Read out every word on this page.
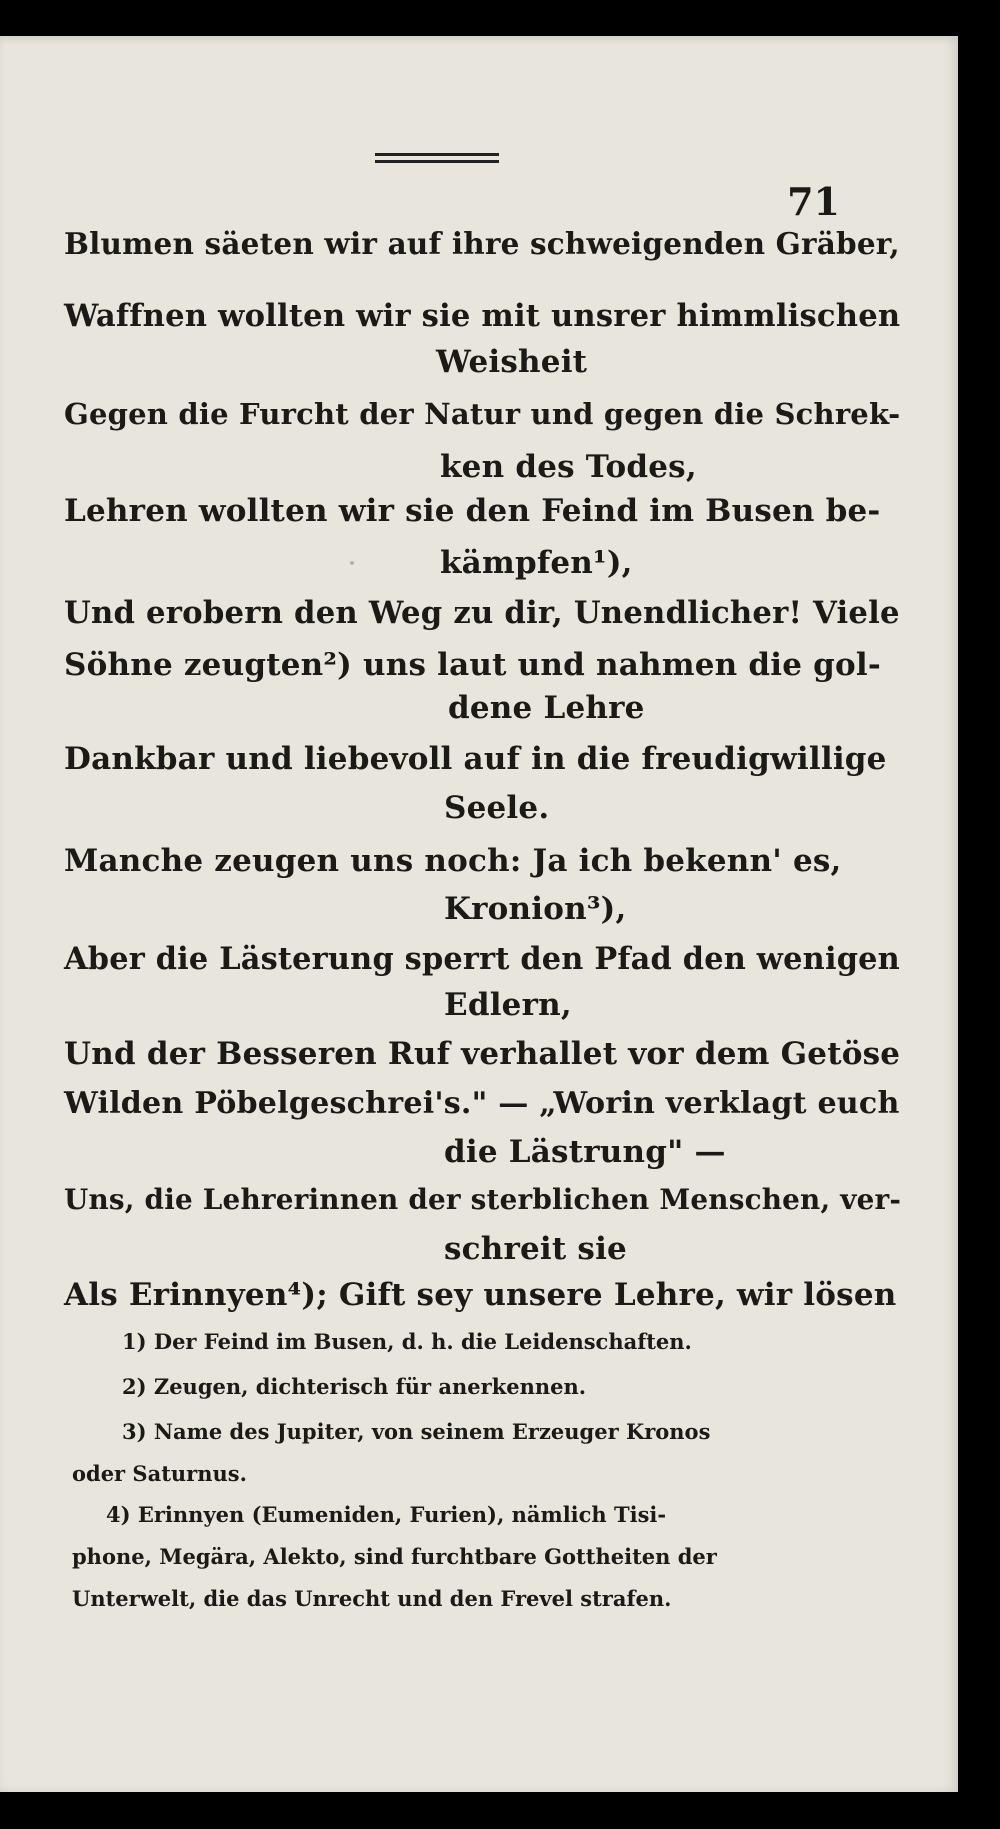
71
Blumen säeten wir auf ihre schweigenden Gräber,
Waffnen wollten wir sie mit unsrer himmlischen
Weisheit
Gegen die Furcht der Natur und gegen die Schrek-
ken des Todes,
Lehren wollten wir sie den Feind im Busen be-
kämpfen¹),
Und erobern den Weg zu dir, Unendlicher! Viele
Söhne zeugten²) uns laut und nahmen die gol-
dene Lehre
Dankbar und liebevoll auf in die freudigwillige
Seele.
Manche zeugen uns noch: Ja ich bekenn' es,
Kronion³),
Aber die Lästerung sperrt den Pfad den wenigen
Edlern,
Und der Besseren Ruf verhallet vor dem Getöse
Wilden Pöbelgeschrei's." — „Worin verklagt euch
die Lästrung" —
Uns, die Lehrerinnen der sterblichen Menschen, ver-
schreit sie
Als Erinnyen⁴); Gift sey unsere Lehre, wir lösen
1) Der Feind im Busen, d. h. die Leidenschaften.
2) Zeugen, dichterisch für anerkennen.
3) Name des Jupiter, von seinem Erzeuger Kronos
oder Saturnus.
4) Erinnyen (Eumeniden, Furien), nämlich Tisi-
phone, Megära, Alekto, sind furchtbare Gottheiten der
Unterwelt, die das Unrecht und den Frevel strafen.
